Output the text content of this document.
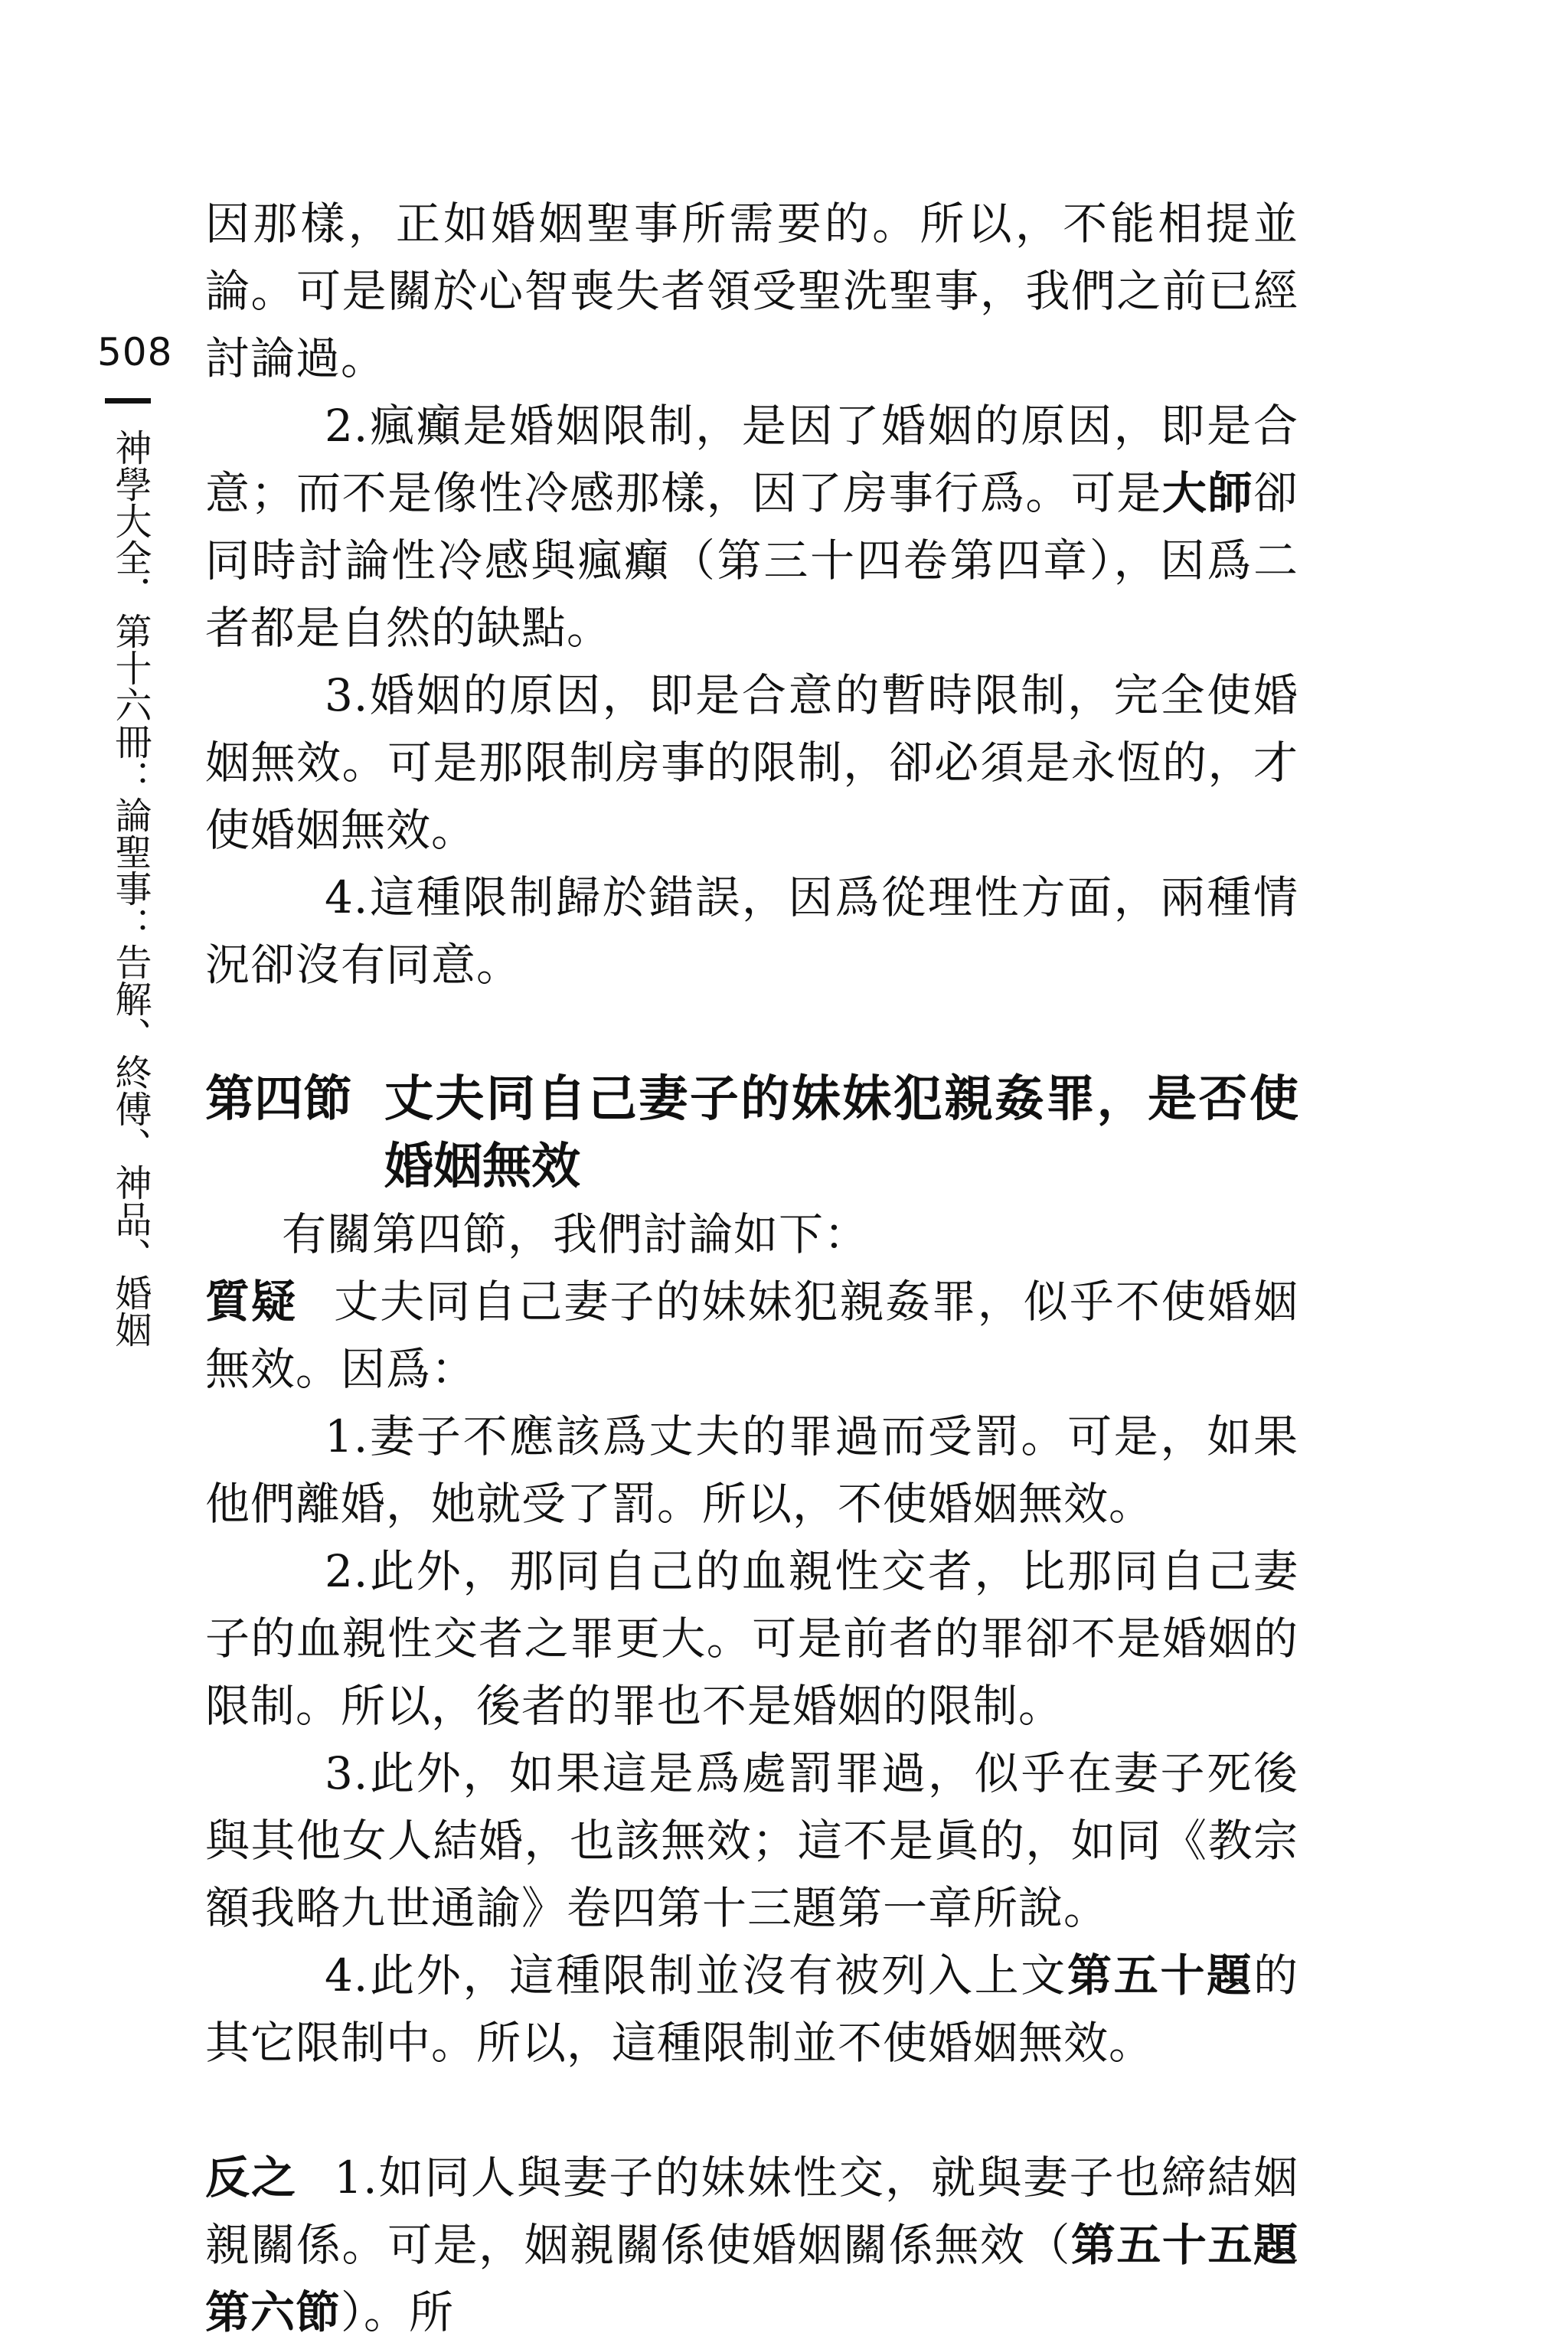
508
神學大全．第十六冊：論聖事：告解、終傅、神品、婚姻

因那樣，正如婚姻聖事所需要的。所以，不能相提並論。可是關於心智喪失者領受聖洗聖事，我們之前已經討論過。

2.瘋癲是婚姻限制，是因了婚姻的原因，即是合意；而不是像性冷感那樣，因了房事行爲。可是大師卻同時討論性冷感與瘋癲（第三十四卷第四章），因爲二者都是自然的缺點。

3.婚姻的原因，即是合意的暫時限制，完全使婚姻無效。可是那限制房事的限制，卻必須是永恆的，才使婚姻無效。

4.這種限制歸於錯誤，因爲從理性方面，兩種情況卻沒有同意。

第四節 丈夫同自己妻子的妹妹犯親姦罪，是否使婚姻無效

有關第四節，我們討論如下：

質疑 丈夫同自己妻子的妹妹犯親姦罪，似乎不使婚姻無效。因爲：

1.妻子不應該爲丈夫的罪過而受罰。可是，如果他們離婚，她就受了罰。所以，不使婚姻無效。

2.此外，那同自己的血親性交者，比那同自己妻子的血親性交者之罪更大。可是前者的罪卻不是婚姻的限制。所以，後者的罪也不是婚姻的限制。

3.此外，如果這是爲處罰罪過，似乎在妻子死後與其他女人結婚，也該無效；這不是眞的，如同《教宗額我略九世通諭》卷四第十三題第一章所說。

4.此外，這種限制並沒有被列入上文第五十題的其它限制中。所以，這種限制並不使婚姻無效。

反之 1.如同人與妻子的妹妹性交，就與妻子也締結姻親關係。可是，姻親關係使婚姻關係無效（第五十五題第六節）。所
